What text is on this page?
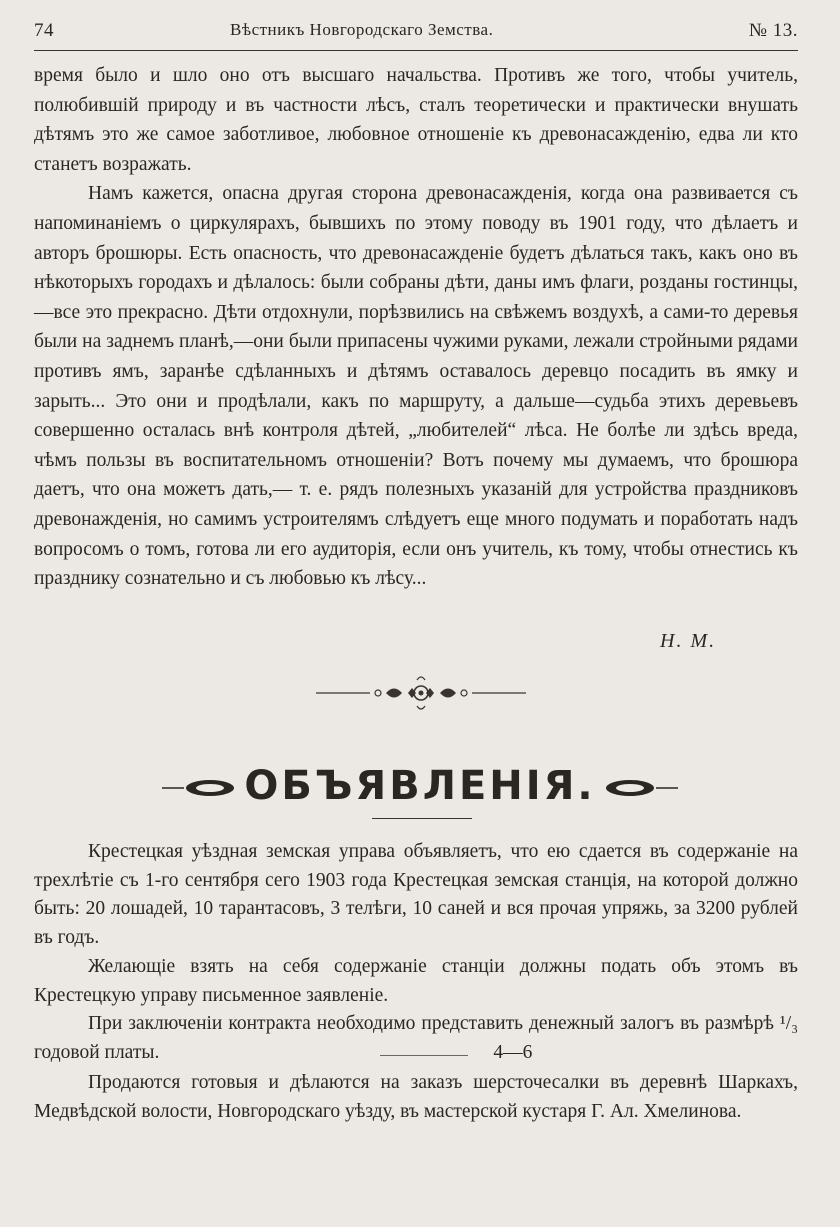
74	Вѣстникъ Новгородскаго Земства.	№ 13.

время было и шло оно отъ высшаго начальства. Противъ же того, чтобы учитель, полюбившій природу и въ частности лѣсъ, сталъ теоретически и практически внушать дѣтямъ это же самое заботливое, любовное отношеніе къ древонасажденію, едва ли кто станетъ возражать.

Намъ кажется, опасна другая сторона древонасажденія, когда она развивается съ напоминаніемъ о циркулярахъ, бывшихъ по этому поводу въ 1901 году, что дѣлаетъ и авторъ брошюры. Есть опасность, что древонасажденіе будетъ дѣлаться такъ, какъ оно въ нѣкоторыхъ городахъ и дѣлалось: были собраны дѣти, даны имъ флаги, розданы гостинцы,—все это прекрасно. Дѣти отдохнули, порѣзвились на свѣжемъ воздухѣ, а сами-то деревья были на заднемъ планѣ,—они были припасены чужими руками, лежали стройными рядами противъ ямъ, заранѣе сдѣланныхъ и дѣтямъ оставалось деревцо посадить въ ямку и зарыть... Это они и продѣлали, какъ по маршруту, а дальше—судьба этихъ деревьевъ совершенно осталась внѣ контроля дѣтей, „любителей“ лѣса. Не болѣе ли здѣсь вреда, чѣмъ пользы въ воспитательномъ отношеніи? Вотъ почему мы думаемъ, что брошюра даетъ, что она можетъ дать,— т. е. рядъ полезныхъ указаній для устройства праздниковъ древонажденія, но самимъ устроителямъ слѣдуетъ еще много подумать и поработать надъ вопросомъ о томъ, готова ли его аудиторія, если онъ учитель, къ тому, чтобы отнестись къ празднику сознательно и съ любовью къ лѣсу...

Н. М.
ОБЪЯВЛЕНІЯ.

Крестецкая уѣздная земская управа объявляетъ, что ею сдается въ содержаніе на трехлѣтіе съ 1-го сентября сего 1903 года Крестецкая земская станція, на которой должно быть: 20 лошадей, 10 тарантасовъ, 3 телѣги, 10 саней и вся прочая упряжь, за 3200 рублей въ годъ.

Желающіе взять на себя содержаніе станціи должны подать объ этомъ въ Крестецкую управу письменное заявленіе.

При заключеніи контракта необходимо представить денежный залогъ въ размѣрѣ ¹/₃ годовой платы.	4—6

Продаются готовыя и дѣлаются на заказъ шерсточесалки въ деревнѣ Шаркахъ, Медвѣдской волости, Новгородскаго уѣзду, въ мастерской кустаря Г. Ал. Хмелинова.
